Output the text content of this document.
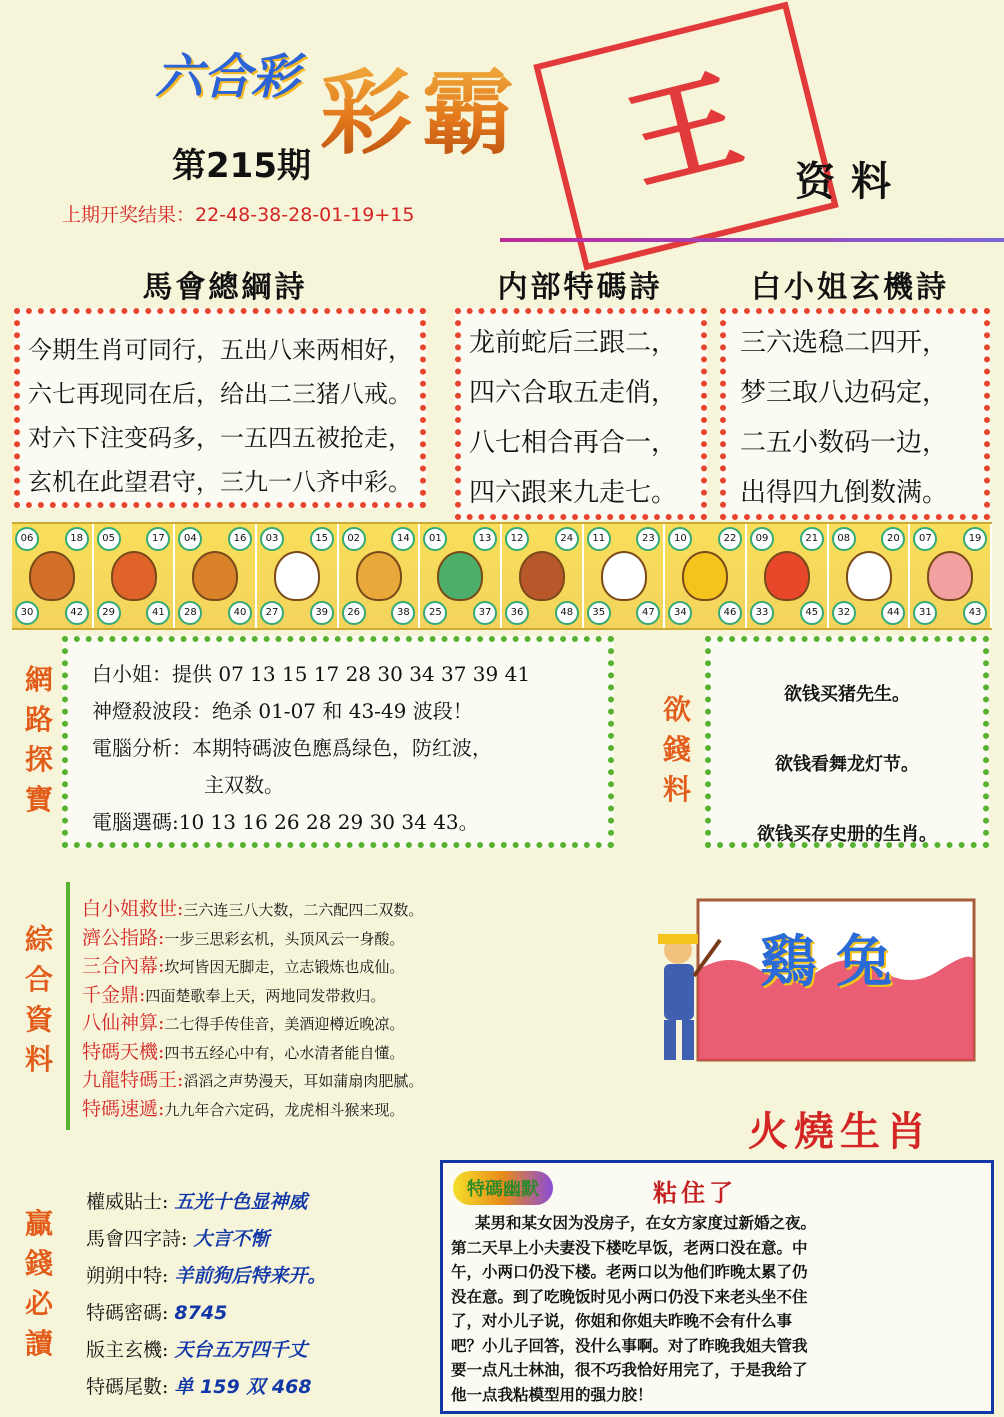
六合彩 彩霸 王	资料
第215期
上期开奖结果：22-48-38-28-01-19+15
馬會總綱詩	内部特碼詩	白小姐玄機詩
今期生肖可同行，五出八来两相好，
六七再现同在后，给出二三猪八戒。
对六下注变码多，一五四五被抢走，
玄机在此望君守，三九一八齐中彩。
龙前蛇后三跟二，
四六合取五走俏，
八七相合再合一，
四六跟来九走七。
三六选稳二四开，
梦三取八边码定，
二五小数码一边，
出得四九倒数满。
06	18
30	42
05	17
29	41
04	16
28	40
03	15
27	39
02	14
26	38
01	13
25	37
12	24
36	48
11	23
35	47
10	22
34	46
09	21
33	45
08	20
32	44
07	19
31	43
網路探寶
白小姐：提供 07 13 15 17 28 30 34 37 39 41
神燈殺波段：绝杀 01-07 和 43-49 波段！
電腦分析：本期特碼波色應爲绿色，防红波，
主双数。
電腦選碼:10 13 16 26 28 29 30 34 43。
欲錢料
欲钱买猪先生。
欲钱看舞龙灯节。
欲钱买存史册的生肖。
綜合資料
白小姐救世:三六连三八大数，二六配四二双数。
濟公指路:一步三思彩玄机，头顶风云一身酸。
三合內幕:坎坷皆因无脚走，立志锻炼也成仙。
千金鼎:四面楚歌奉上天，两地同发带救归。
八仙神算:二七得手传佳音，美酒迎樽近晚凉。
特碼天機:四书五经心中有，心水清者能自懂。
九龍特碼王:滔滔之声势漫天，耳如蒲扇肉肥腻。
特碼速遞:九九年合六定码，龙虎相斗猴来现。
鷄兔
火燒生肖
贏錢必讀
權威貼士: 五光十色显神威
馬會四字詩: 大言不惭
朔朔中特: 羊前狗后特来开。
特碼密碼: 8745
版主玄機: 天台五万四千丈
特碼尾數: 单 159 双 468
特碼幽默	粘住了
某男和某女因为没房子，在女方家度过新婚之夜。
第二天早上小夫妻没下楼吃早饭，老两口没在意。中
午，小两口仍没下楼。老两口以为他们昨晚太累了仍
没在意。到了吃晚饭时见小两口仍没下来老头坐不住
了，对小儿子说，你姐和你姐夫昨晚不会有什么事
吧？小儿子回答，没什么事啊。对了昨晚我姐夫管我
要一点凡士林油，很不巧我恰好用完了，于是我给了
他一点我粘模型用的强力胶！
